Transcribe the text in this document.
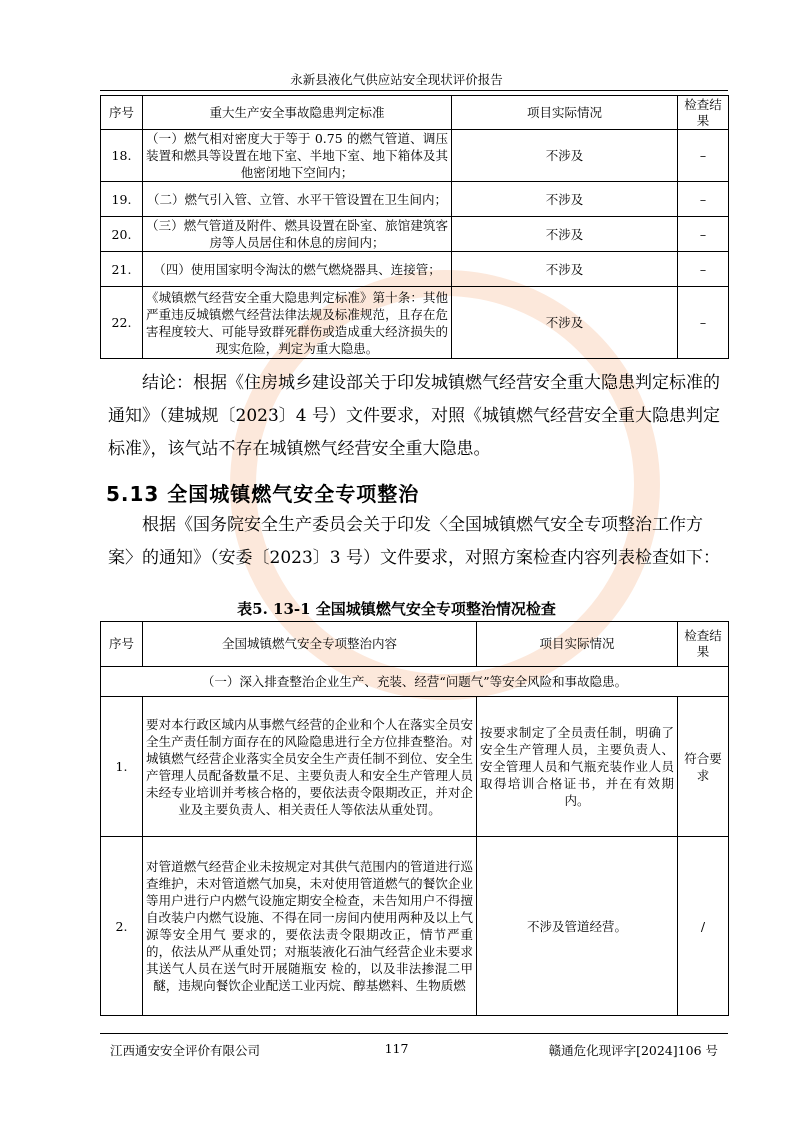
永新县液化气供应站安全现状评价报告
序号	重大生产安全事故隐患判定标准	项目实际情况	检查结果
18.	（一）燃气相对密度大于等于 0.75 的燃气管道、调压装置和燃具等设置在地下室、半地下室、地下箱体及其他密闭地下空间内；	不涉及	–
19.	（二）燃气引入管、立管、水平干管设置在卫生间内；	不涉及	–
20.	（三）燃气管道及附件、燃具设置在卧室、旅馆建筑客房等人员居住和休息的房间内；	不涉及	–
21.	（四）使用国家明令淘汰的燃气燃烧器具、连接管；	不涉及	–
22.	《城镇燃气经营安全重大隐患判定标准》第十条：其他严重违反城镇燃气经营法律法规及标准规范，且存在危害程度较大、可能导致群死群伤或造成重大经济损失的现实危险，判定为重大隐患。	不涉及	–
结论：根据《住房城乡建设部关于印发城镇燃气经营安全重大隐患判定标准的通知》（建城规〔2023〕4 号）文件要求，对照《城镇燃气经营安全重大隐患判定标准》，该气站不存在城镇燃气经营安全重大隐患。
5.13 全国城镇燃气安全专项整治
根据《国务院安全生产委员会关于印发〈全国城镇燃气安全专项整治工作方案〉的通知》（安委〔2023〕3 号）文件要求，对照方案检查内容列表检查如下：
表5. 13-1 全国城镇燃气安全专项整治情况检查
序号	全国城镇燃气安全专项整治内容	项目实际情况	检查结果
（一）深入排查整治企业生产、充装、经营“问题气”等安全风险和事故隐患。			
1.	要对本行政区域内从事燃气经营的企业和个人在落实全员安全生产责任制方面存在的风险隐患进行全方位排查整治。对城镇燃气经营企业落实全员安全生产责任制不到位、安全生产管理人员配备数量不足、主要负责人和安全生产管理人员未经专业培训并考核合格的，要依法责令限期改正，并对企业及主要负责人、相关责任人等依法从重处罚。	按要求制定了全员责任制，明确了安全生产管理人员，主要负责人、安全管理人员和气瓶充装作业人员取得培训合格证书，并在有效期内。	符合要求
2.	对管道燃气经营企业未按规定对其供气范围内的管道进行巡查维护，未对管道燃气加臭，未对使用管道燃气的餐饮企业等用户进行户内燃气设施定期安全检查，未告知用户不得擅自改装户内燃气设施、不得在同一房间内使用两种及以上气源等安全用气 要求的，要依法责令限期改正，情节严重的，依法从严从重处罚；对瓶装液化石油气经营企业未要求其送气人员在送气时开展随瓶安 检的，以及非法掺混二甲醚，违规向餐饮企业配送工业丙烷、醇基燃料、生物质燃	不涉及管道经营。	/
江西通安安全评价有限公司	117	赣通危化现评字[2024]106 号
